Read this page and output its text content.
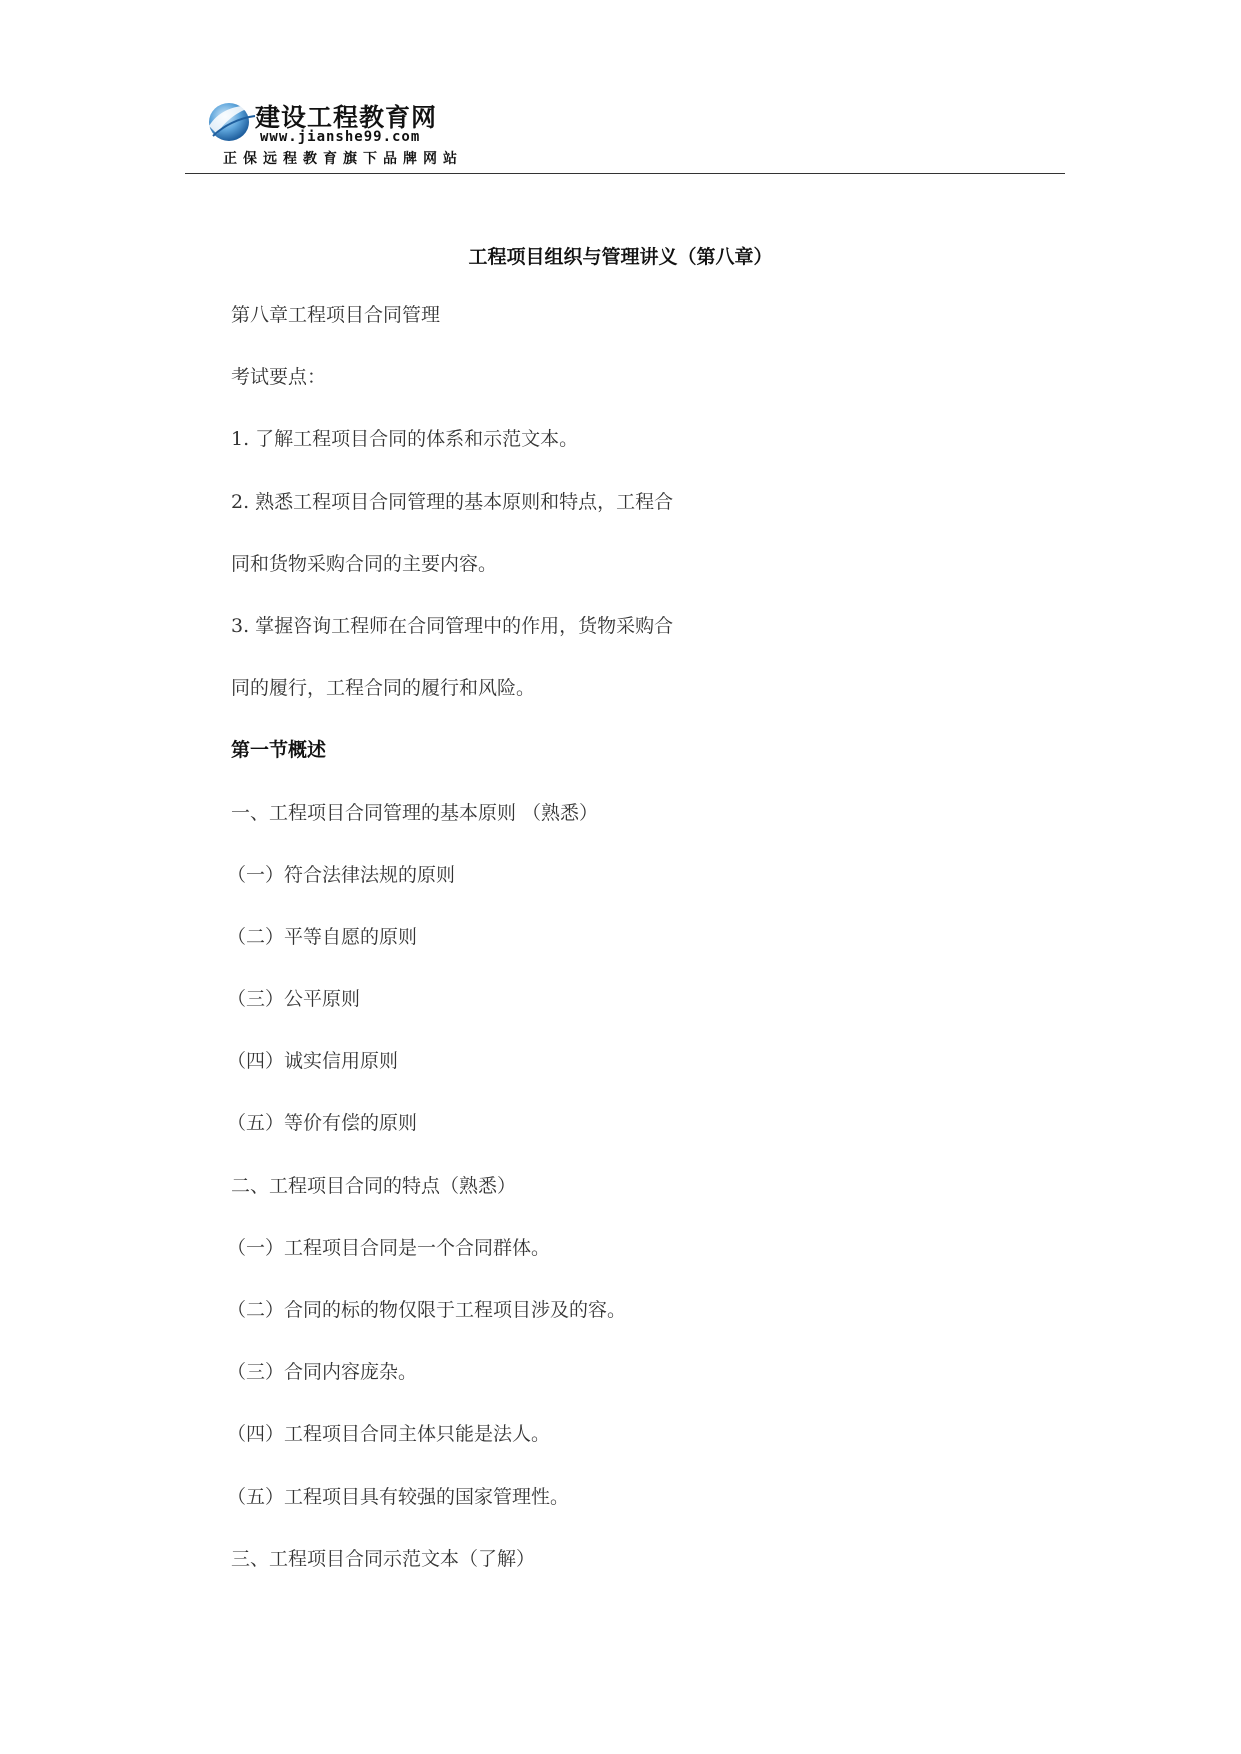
建设工程教育网
www.jianshe99.com
正保远程教育旗下品牌网站
工程项目组织与管理讲义（第八章）
第八章工程项目合同管理
考试要点：
1. 了解工程项目合同的体系和示范文本。
2. 熟悉工程项目合同管理的基本原则和特点，工程合
同和货物采购合同的主要内容。
3. 掌握咨询工程师在合同管理中的作用，货物采购合
同的履行，工程合同的履行和风险。
第一节概述
一、工程项目合同管理的基本原则 （熟悉）
（一）符合法律法规的原则
（二）平等自愿的原则
（三）公平原则
（四）诚实信用原则
（五）等价有偿的原则
二、工程项目合同的特点（熟悉）
（一）工程项目合同是一个合同群体。
（二）合同的标的物仅限于工程项目涉及的容。
（三）合同内容庞杂。
（四）工程项目合同主体只能是法人。
（五）工程项目具有较强的国家管理性。
三、工程项目合同示范文本（了解）
